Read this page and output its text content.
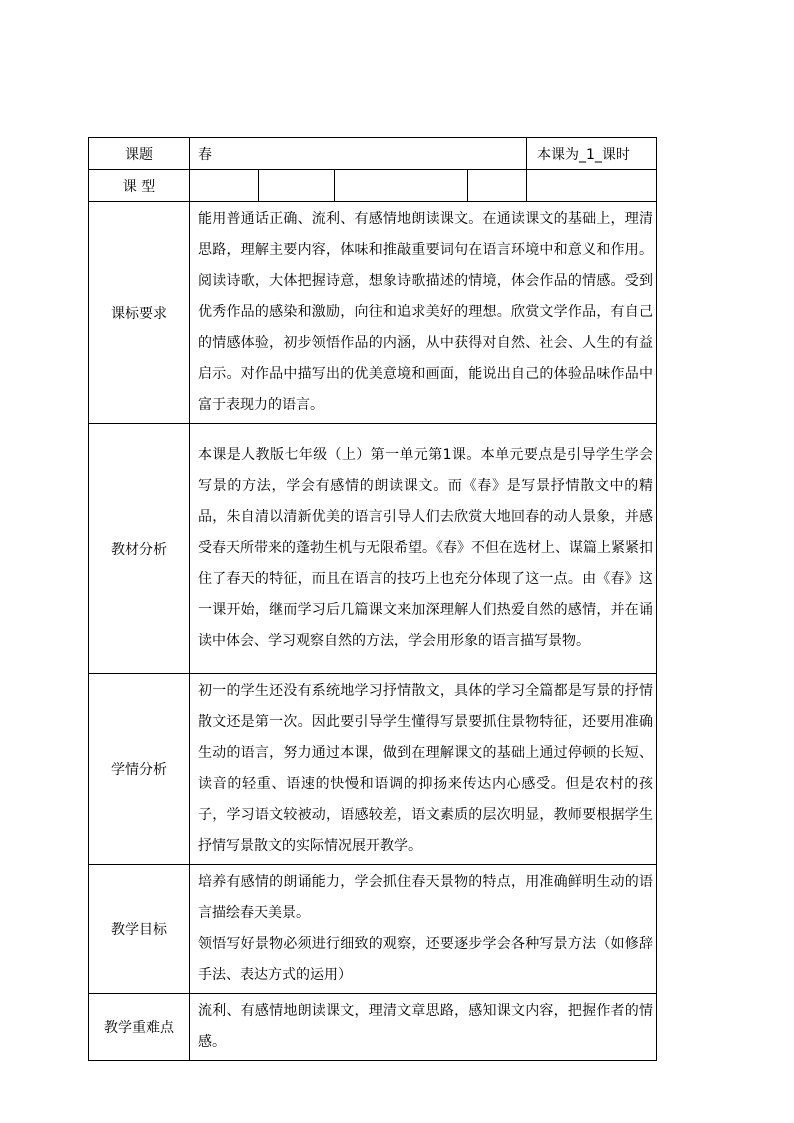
课题	春				本课为_1_课时
课 型					
课标要求	能用普通话正确、流利、有感情地朗读课文。在通读课文的基础上，理清思路，理解主要内容，体味和推敲重要词句在语言环境中和意义和作用。阅读诗歌，大体把握诗意，想象诗歌描述的情境，体会作品的情感。受到优秀作品的感染和激励，向往和追求美好的理想。欣赏文学作品，有自己的情感体验，初步领悟作品的内涵，从中获得对自然、社会、人生的有益启示。对作品中描写出的优美意境和画面，能说出自己的体验品味作品中富于表现力的语言。				

教材分析	本课是人教版七年级（上）第一单元第1课。本单元要点是引导学生学会写景的方法，学会有感情的朗读课文。而《春》是写景抒情散文中的精品，朱自清以清新优美的语言引导人们去欣赏大地回春的动人景象，并感受春天所带来的蓬勃生机与无限希望。《春》不但在选材上、谋篇上紧紧扣住了春天的特征，而且在语言的技巧上也充分体现了这一点。由《春》这一课开始，继而学习后几篇课文来加深理解人们热爱自然的感情，并在诵读中体会、学习观察自然的方法，学会用形象的语言描写景物。				

学情分析	初一的学生还没有系统地学习抒情散文，具体的学习全篇都是写景的抒情散文还是第一次。因此要引导学生懂得写景要抓住景物特征，还要用准确生动的语言，努力通过本课，做到在理解课文的基础上通过停顿的长短、读音的轻重、语速的快慢和语调的抑扬来传达内心感受。但是农村的孩子，学习语文较被动，语感较差，语文素质的层次明显，教师要根据学生抒情写景散文的实际情况展开教学。				

教学目标	培养有感情的朗诵能力，学会抓住春天景物的特点，用准确鲜明生动的语言描绘春天美景。

领悟写好景物必须进行细致的观察，还要逐步学会各种写景方法（如修辞手法、表达方式的运用）				

教学重难点	流利、有感情地朗读课文，理清文章思路，感知课文内容，把握作者的情感。				
